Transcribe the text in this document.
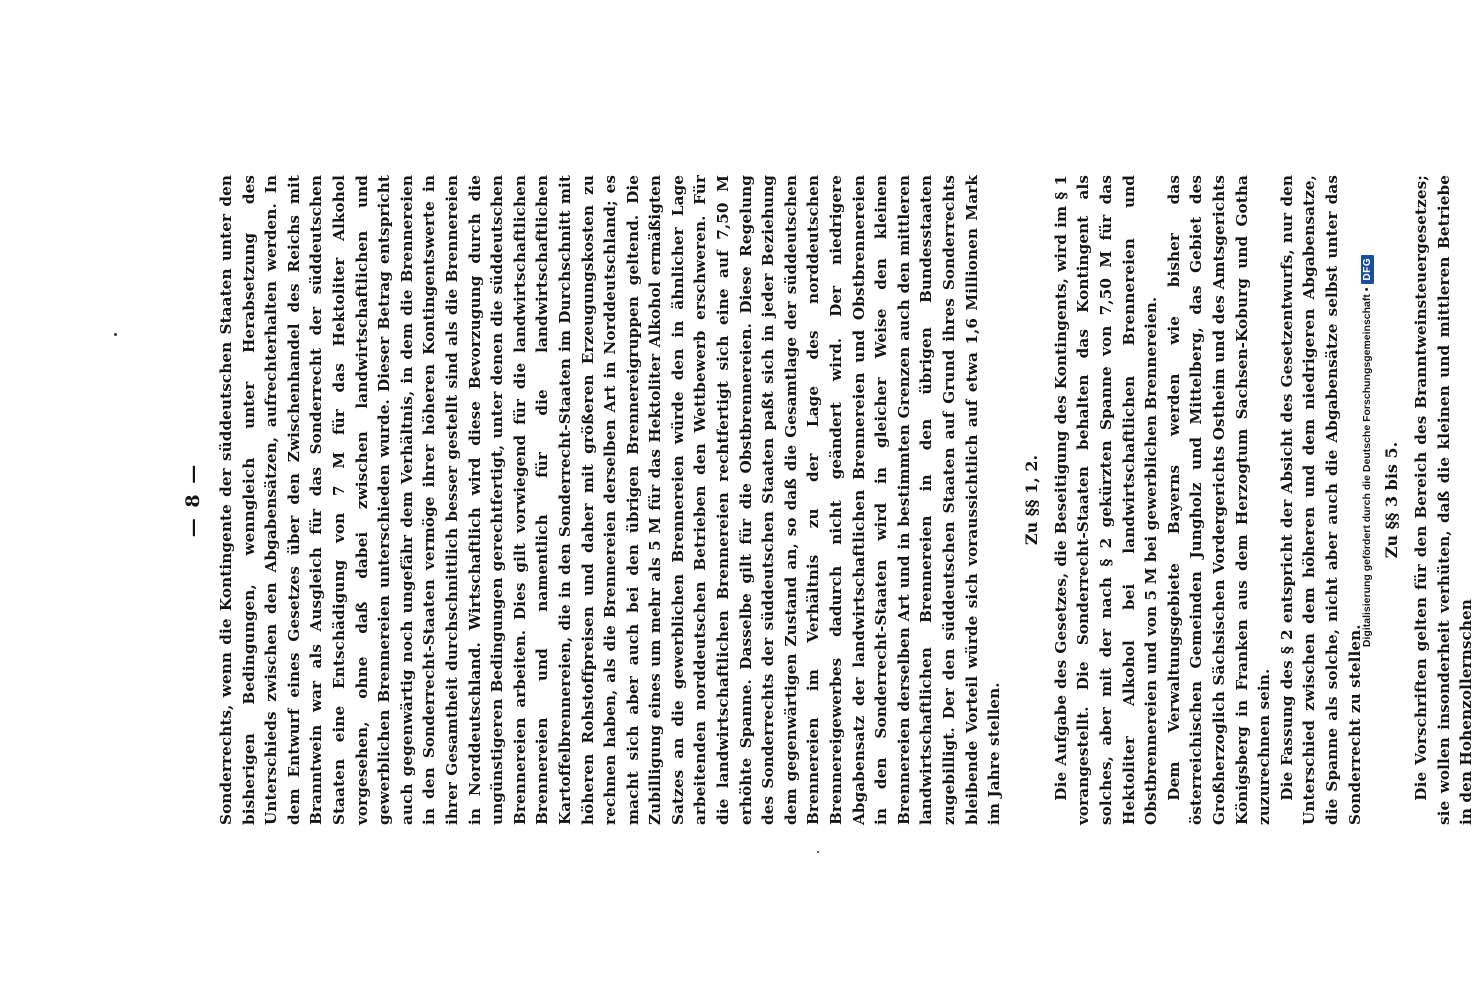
— 8 — Sonderrechts, wenn die Kontingente der süddeutschen Staaten unter den bisherigen Bedingungen, wenngleich unter Herabsetzung des Unterschieds zwischen den Abgabensätzen, aufrechterhalten werden. In dem Entwurf eines Gesetzes über den Zwischenhandel des Reichs mit Branntwein war als Ausgleich für das Sonderrecht der süddeutschen Staaten eine Entschädigung von 7 M für das Hektoliter Alkohol vorgesehen, ohne daß dabei zwischen landwirtschaftlichen und gewerblichen Brennereien unterschieden wurde. Dieser Betrag entspricht auch gegenwärtig noch ungefähr dem Verhältnis, in dem die Brennereien in den Sonderrecht-Staaten vermöge ihrer höheren Kontingentswerte in ihrer Gesamtheit durchschnittlich besser gestellt sind als die Brennereien in Norddeutschland. Wirtschaftlich wird diese Bevorzugung durch die ungünstigeren Bedingungen gerechtfertigt, unter denen die süddeutschen Brennereien arbeiten. Dies gilt vorwiegend für die landwirtschaftlichen Brennereien und namentlich für die landwirtschaftlichen Kartoffelbrennereien, die in den Sonderrecht-Staaten im Durchschnitt mit höheren Rohstoffpreisen und daher mit größeren Erzeugungskosten zu rechnen haben, als die Brennereien derselben Art in Norddeutschland; es macht sich aber auch bei den übrigen Brennereigruppen geltend. Die Zubilligung eines um mehr als 5 M für das Hektoliter Alkohol ermäßigten Satzes an die gewerblichen Brennereien würde den in ähnlicher Lage arbeitenden norddeutschen Betrieben den Wettbewerb erschweren. Für die landwirtschaftlichen Brennereien rechtfertigt sich eine auf 7,50 M erhöhte Spanne. Dasselbe gilt für die Obstbrennereien. Diese Regelung des Sonderrechts der süddeutschen Staaten paßt sich in jeder Beziehung dem gegenwärtigen Zustand an, so daß die Gesamtlage der süddeutschen Brennereien im Verhältnis zu der Lage des norddeutschen Brennereigewerbes dadurch nicht geändert wird. Der niedrigere Abgabensatz der landwirtschaftlichen Brennereien und Obstbrennereien in den Sonderrecht-Staaten wird in gleicher Weise den kleinen Brennereien derselben Art und in bestimmten Grenzen auch den mittleren landwirtschaftlichen Brennereien in den übrigen Bundesstaaten zugebilligt. Der den süddeutschen Staaten auf Grund ihres Sonderrechts bleibende Vorteil würde sich voraussichtlich auf etwa 1,6 Millionen Mark im Jahre stellen.

Zu §§ 1, 2. Die Aufgabe des Gesetzes, die Beseitigung des Kontingents, wird im § 1 vorangestellt. Die Sonderrecht-Staaten behalten das Kontingent als solches, aber mit der nach § 2 gekürzten Spanne von 7,50 M für das Hektoliter Alkohol bei landwirtschaftlichen Brennereien und Obstbrennereien und von 5 M bei gewerblichen Brennereien. Dem Verwaltungsgebiete Bayerns werden wie bisher das österreichischen Gemeinden Jungholz und Mittelberg, das Gebiet des Großherzoglich Sächsischen Vordergerichts Ostheim und des Amtsgerichts Königsberg in Franken aus dem Herzogtum Sachsen-Koburg und Gotha zuzurechnen sein. Die Fassung des § 2 entspricht der Absicht des Gesetzentwurfs, nur den Unterschied zwischen dem höheren und dem niedrigeren Abgabensatze, die Spanne als solche, nicht aber auch die Abgabensätze selbst unter das Sonderrecht zu stellen.

Zu §§ 3 bis 5. Die Vorschriften gelten für den Bereich des Branntweinsteuergesetzes; sie wollen insonderheit verhüten, daß die kleinen und mittleren Betriebe in den Hohenzollernschen

Digitalisierung gefördert durch die Deutsche Forschungsgemeinschaft •
DFG
